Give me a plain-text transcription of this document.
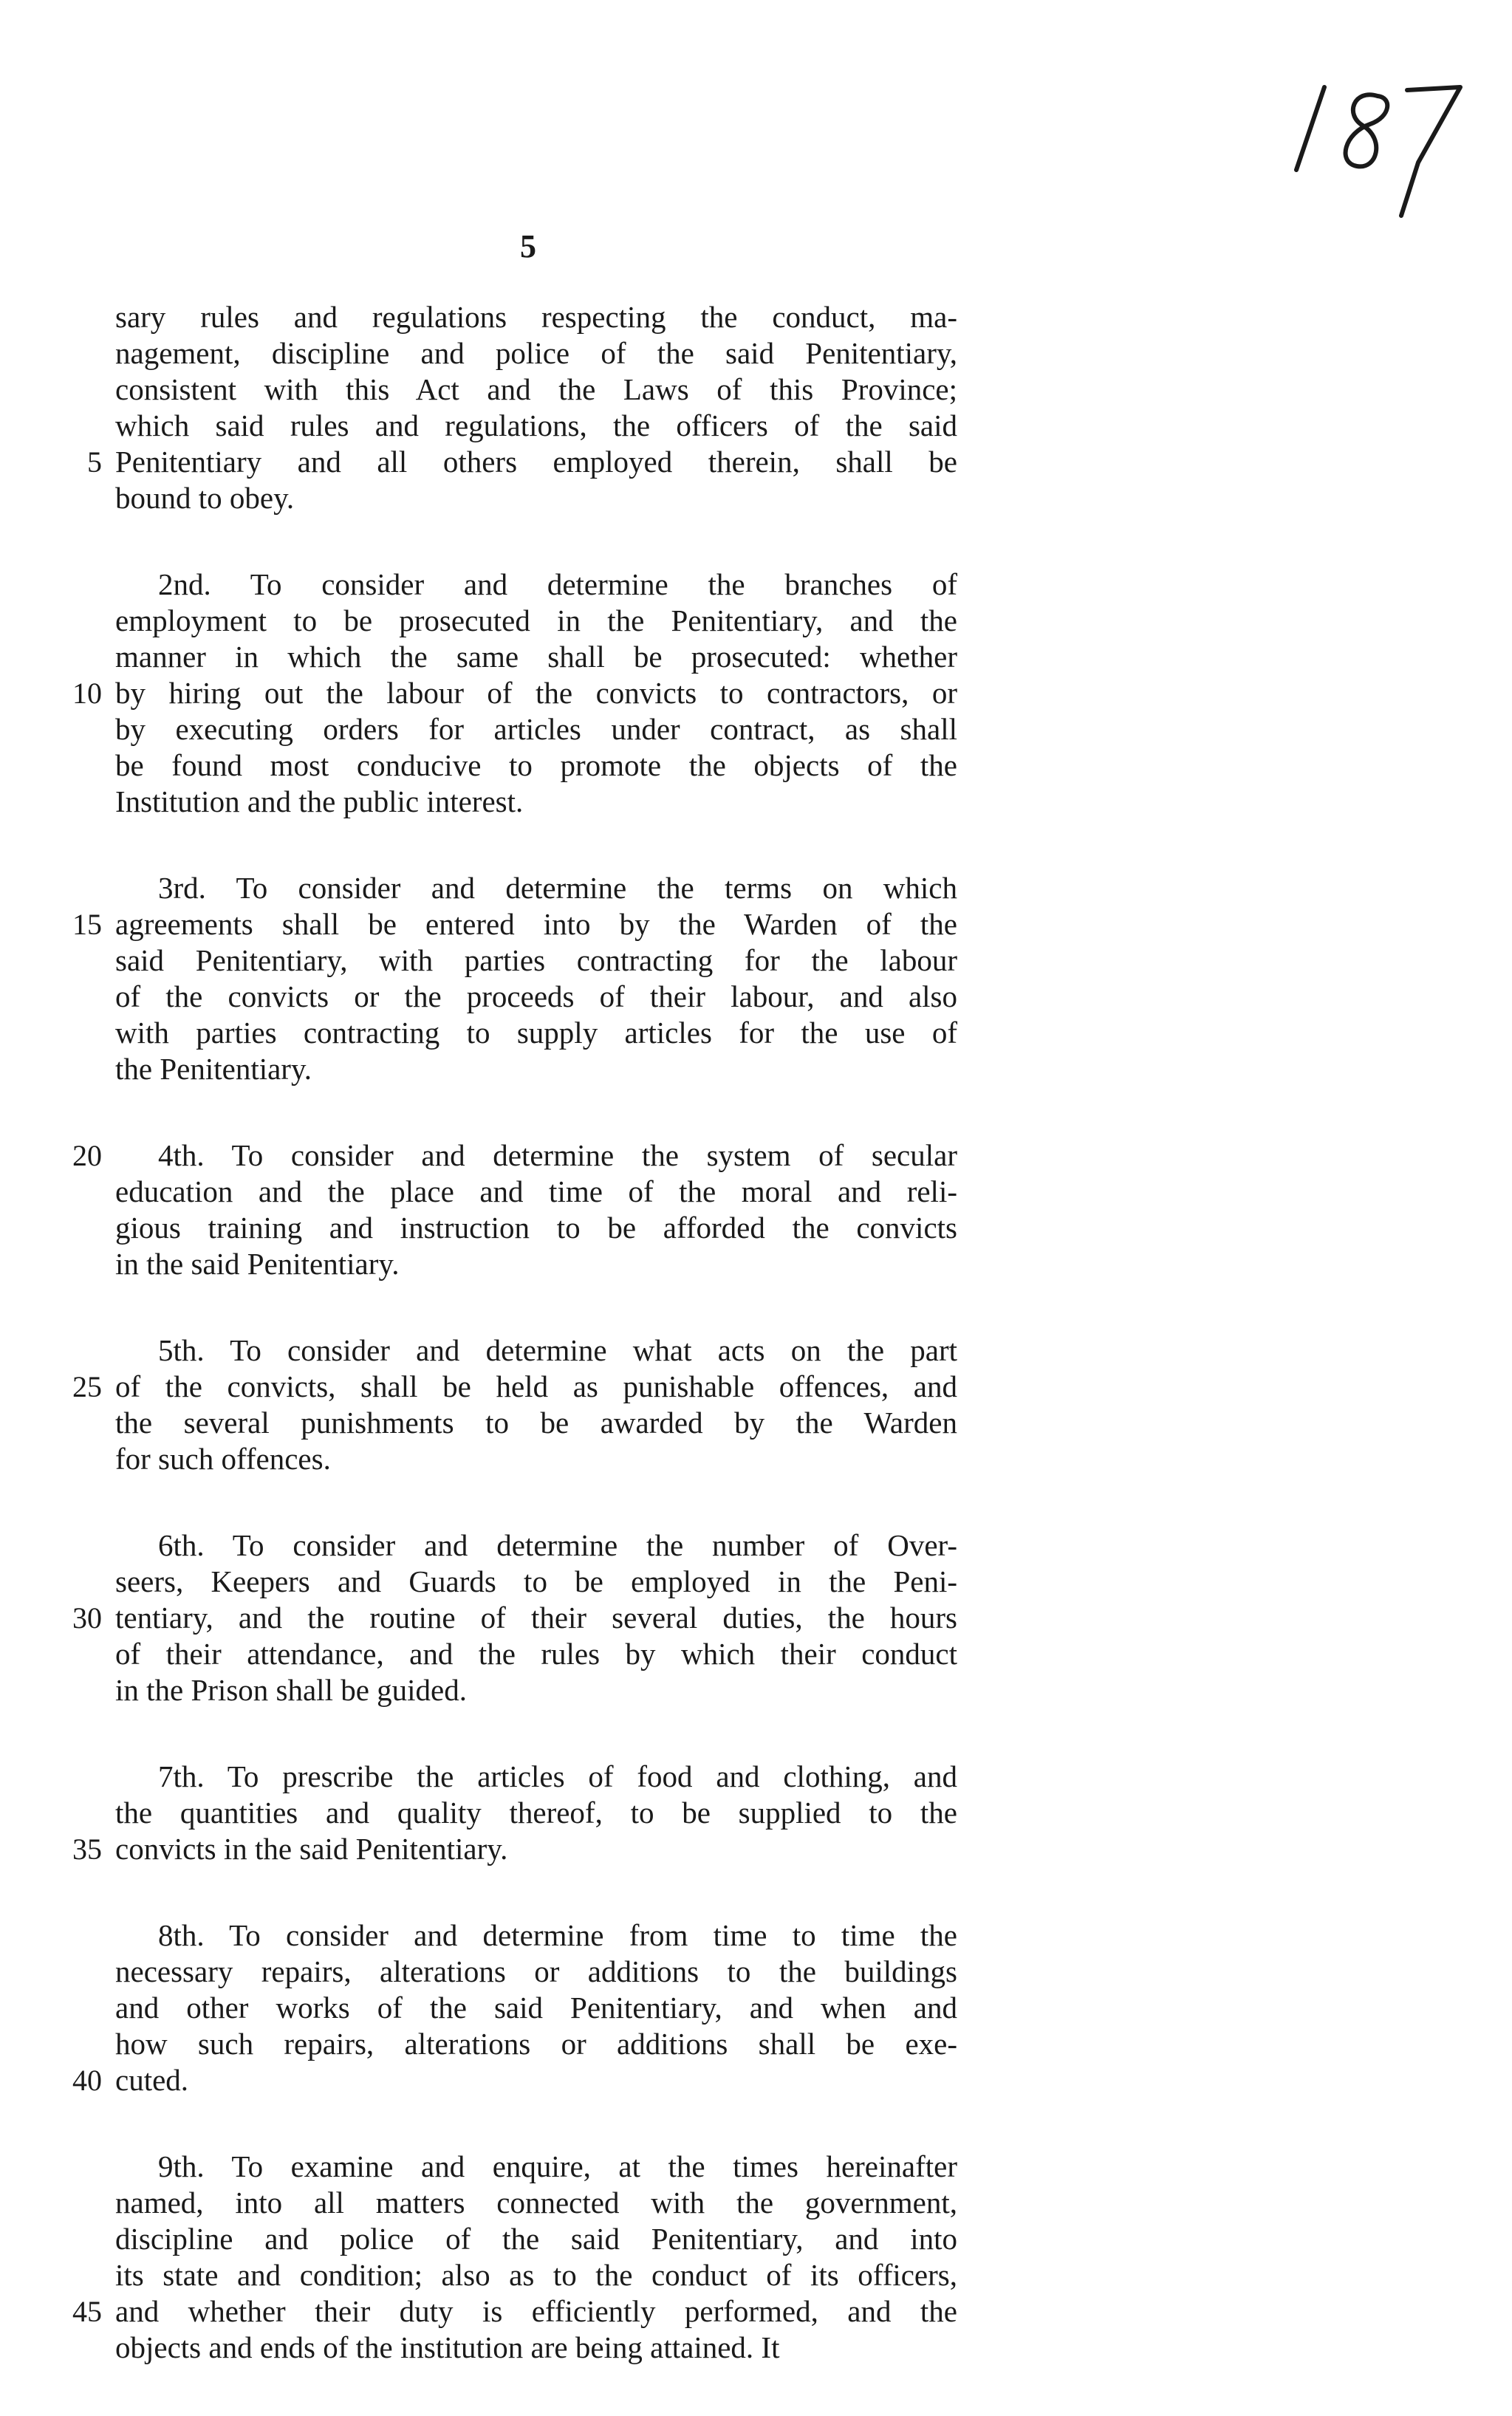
5
sary rules and regulations respecting the conduct, ma-
nagement, discipline and police of the said Penitentiary,
consistent with this Act and the Laws of this Province;
which said rules and regulations, the officers of the said
5 Penitentiary and all others employed therein, shall be
bound to obey.
2nd. To consider and determine the branches of
employment to be prosecuted in the Penitentiary, and the
manner in which the same shall be prosecuted: whether
10 by hiring out the labour of the convicts to contractors, or
by executing orders for articles under contract, as shall
be found most conducive to promote the objects of the
Institution and the public interest.
3rd. To consider and determine the terms on which
15 agreements shall be entered into by the Warden of the
said Penitentiary, with parties contracting for the labour
of the convicts or the proceeds of their labour, and also
with parties contracting to supply articles for the use of
the Penitentiary.
20	4th. To consider and determine the system of secular
education and the place and time of the moral and reli-
gious training and instruction to be afforded the convicts
in the said Penitentiary.
5th. To consider and determine what acts on the part
25 of the convicts, shall be held as punishable offences, and
the several punishments to be awarded by the Warden
for such offences.
6th. To consider and determine the number of Over-
seers, Keepers and Guards to be employed in the Peni-
30 tentiary, and the routine of their several duties, the hours
of their attendance, and the rules by which their conduct
in the Prison shall be guided.
7th. To prescribe the articles of food and clothing, and
the quantities and quality thereof, to be supplied to the
35 convicts in the said Penitentiary.
8th. To consider and determine from time to time the
necessary repairs, alterations or additions to the buildings
and other works of the said Penitentiary, and when and
how such repairs, alterations or additions shall be exe-
40 cuted.
9th. To examine and enquire, at the times hereinafter
named, into all matters connected with the government,
discipline and police of the said Penitentiary, and into
its state and condition; also as to the conduct of its officers,
45 and whether their duty is efficiently performed, and the
objects and ends of the institution are being attained. It
